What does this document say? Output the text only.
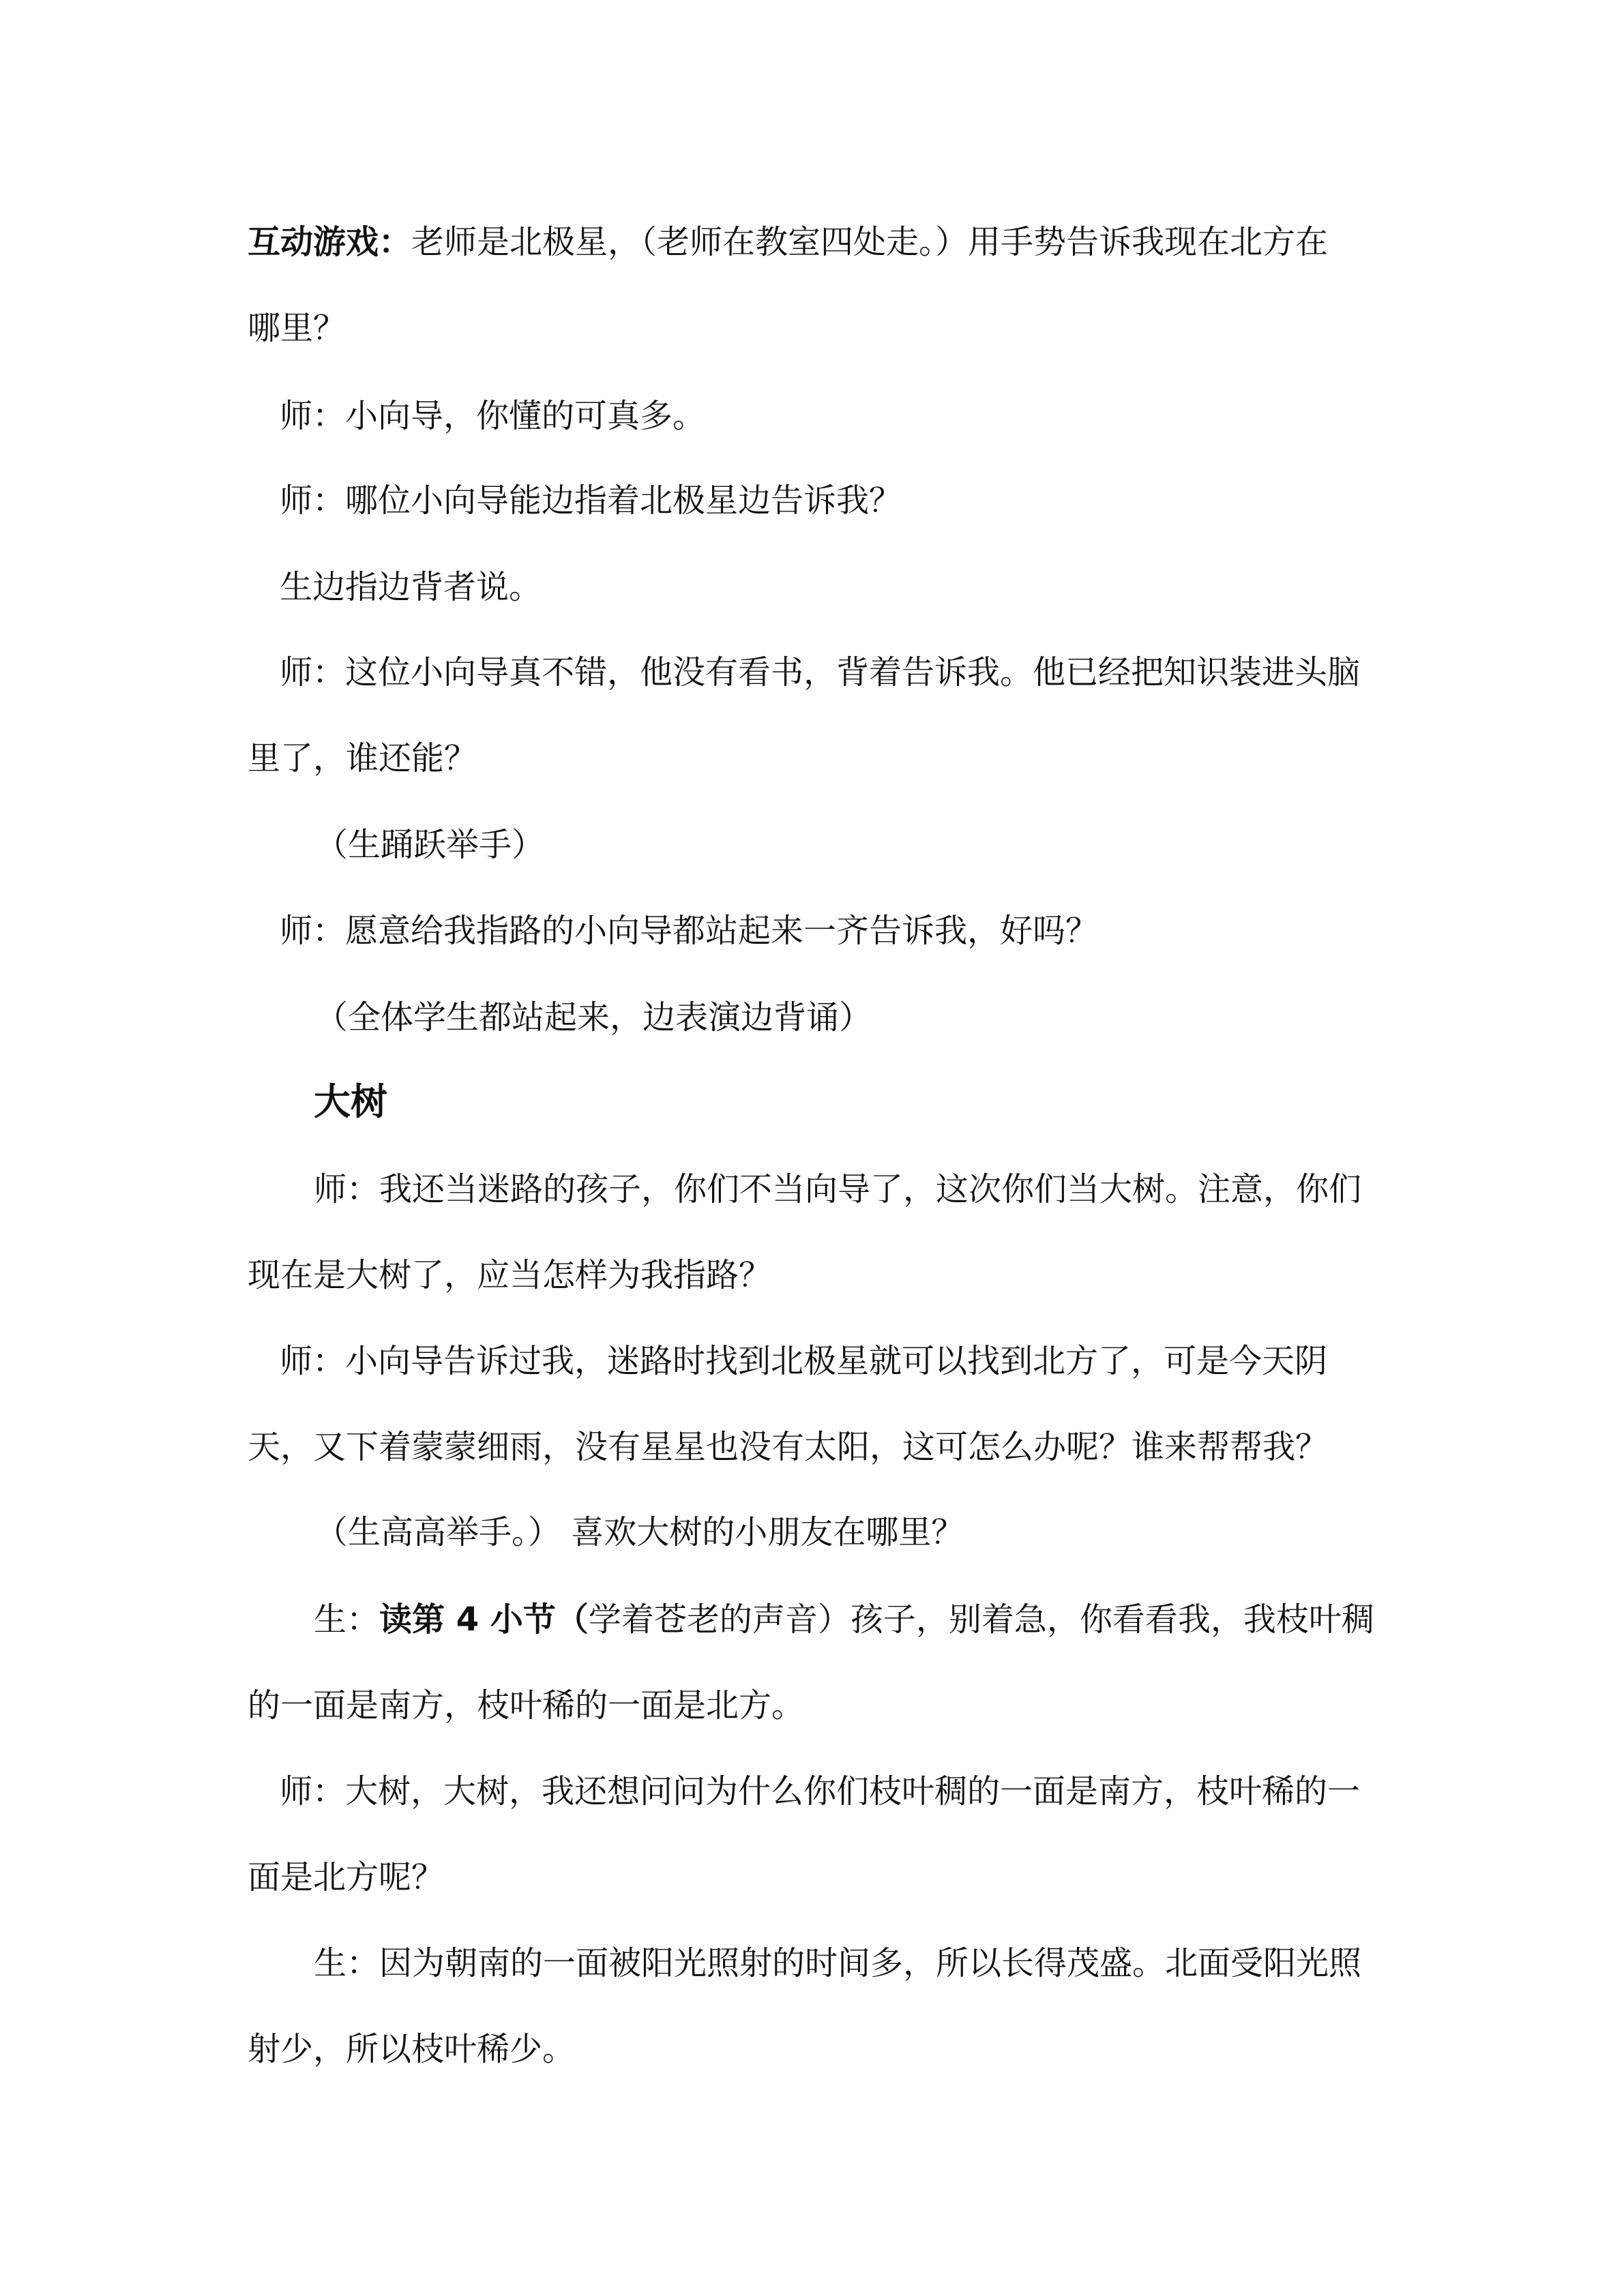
互动游戏：老师是北极星，（老师在教室四处走。）用手势告诉我现在北方在
哪里？
师：小向导，你懂的可真多。
师：哪位小向导能边指着北极星边告诉我？
生边指边背者说。
师：这位小向导真不错，他没有看书，背着告诉我。他已经把知识装进头脑
里了，谁还能？
（生踊跃举手）
师：愿意给我指路的小向导都站起来一齐告诉我，好吗？
（全体学生都站起来，边表演边背诵）
大树
师：我还当迷路的孩子，你们不当向导了，这次你们当大树。注意，你们
现在是大树了，应当怎样为我指路？
师：小向导告诉过我，迷路时找到北极星就可以找到北方了，可是今天阴
天，又下着蒙蒙细雨，没有星星也没有太阳，这可怎么办呢？谁来帮帮我？
（生高高举手。） 喜欢大树的小朋友在哪里？
生：读第 4 小节（学着苍老的声音）孩子，别着急，你看看我，我枝叶稠
的一面是南方，枝叶稀的一面是北方。
师：大树，大树，我还想问问为什么你们枝叶稠的一面是南方，枝叶稀的一
面是北方呢？
生：因为朝南的一面被阳光照射的时间多，所以长得茂盛。北面受阳光照
射少，所以枝叶稀少。
